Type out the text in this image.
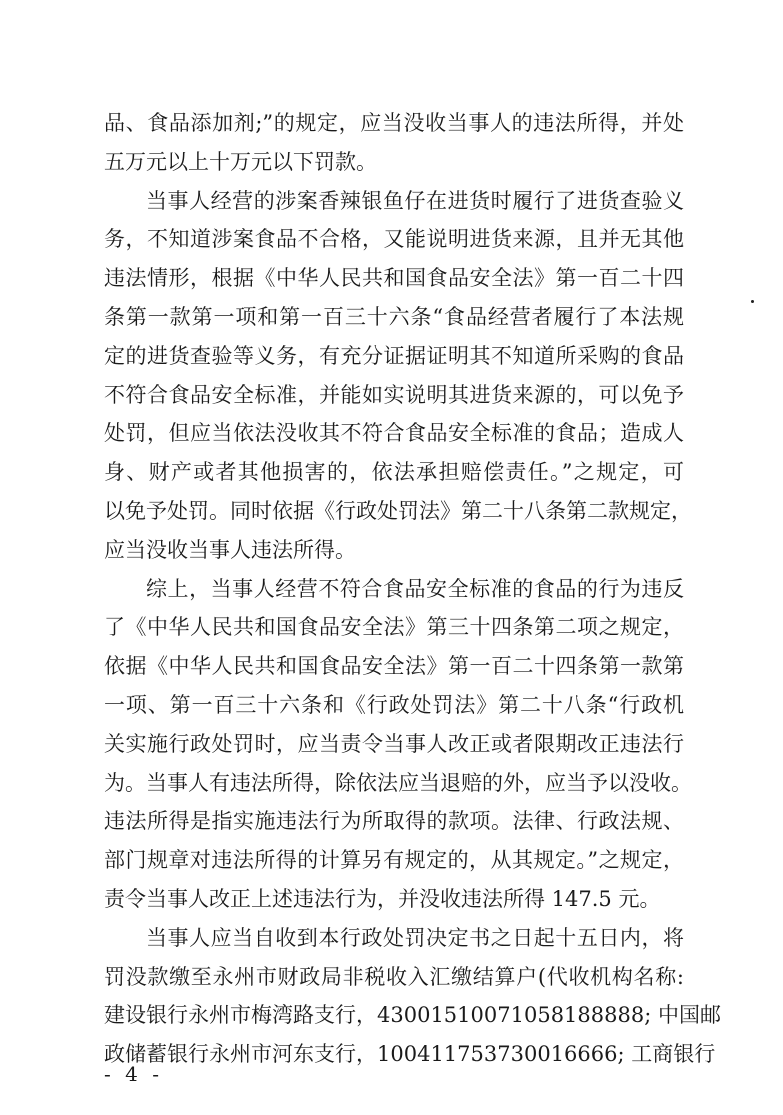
品、食品添加剂;”的规定，应当没收当事人的违法所得，并处
五万元以上十万元以下罚款。
当事人经营的涉案香辣银鱼仔在进货时履行了进货查验义
务，不知道涉案食品不合格，又能说明进货来源，且并无其他
违法情形，根据《中华人民共和国食品安全法》第一百二十四
条第一款第一项和第一百三十六条“食品经营者履行了本法规
定的进货查验等义务，有充分证据证明其不知道所采购的食品
不符合食品安全标准，并能如实说明其进货来源的，可以免予
处罚，但应当依法没收其不符合食品安全标准的食品；造成人
身、财产或者其他损害的，依法承担赔偿责任。”之规定，可
以免予处罚。同时依据《行政处罚法》第二十八条第二款规定，
应当没收当事人违法所得。
综上，当事人经营不符合食品安全标准的食品的行为违反
了《中华人民共和国食品安全法》第三十四条第二项之规定，
依据《中华人民共和国食品安全法》第一百二十四条第一款第
一项、第一百三十六条和《行政处罚法》第二十八条“行政机
关实施行政处罚时，应当责令当事人改正或者限期改正违法行
为。当事人有违法所得，除依法应当退赔的外，应当予以没收。
违法所得是指实施违法行为所取得的款项。法律、行政法规、
部门规章对违法所得的计算另有规定的，从其规定。”之规定，
责令当事人改正上述违法行为，并没收违法所得 147.5 元。
当事人应当自收到本行政处罚决定书之日起十五日内，将
罚没款缴至永州市财政局非税收入汇缴结算户(代收机构名称:
建设银行永州市梅湾路支行，43001510071058188888; 中国邮
政储蓄银行永州市河东支行，100411753730016666; 工商银行
- 4 -
